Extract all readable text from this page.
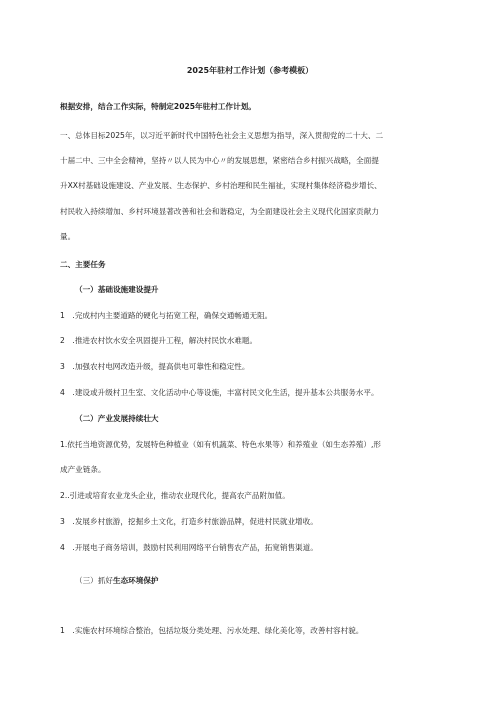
2025年驻村工作计划（参考模板）
根据安排，结合工作实际，特制定2025年驻村工作计划。
一、总体目标2025年，以习近平新时代中国特色社会主义思想为指导，深入贯彻党的二十大、二
十届二中、三中全会精神，坚持〃以人民为中心〃的发展思想，紧密结合乡村振兴战略，全面提
升XX村基础设施建设、产业发展、生态保护、乡村治理和民生福祉，实现村集体经济稳步增长、
村民收入持续增加、乡村环境显著改善和社会和谐稳定，为全面建设社会主义现代化国家贡献力
量。
二、主要任务
（一）基础设施建设提升
1　.完成村内主要道路的硬化与拓宽工程，确保交通畅通无阻。
2　.推进农村饮水安全巩固提升工程，解决村民饮水难题。
3　.加强农村电网改造升级，提高供电可靠性和稳定性。
4　.建设或升级村卫生室、文化活动中心等设施，丰富村民文化生活，提升基本公共服务水平。
（二）产业发展持续壮大
1.依托当地资源优势，发展特色种植业（如有机蔬菜、特色水果等）和养殖业（如生态养殖）,形
成产业链条。
2..引进或培育农业龙头企业，推动农业现代化，提高农产品附加值。
3　.发展乡村旅游，挖掘乡土文化，打造乡村旅游品牌，促进村民就业增收。
4　.开展电子商务培训，鼓励村民利用网络平台销售农产品，拓宽销售渠道。
（三）抓好生态环境保护
1　.实施农村环境综合整治，包括垃圾分类处理、污水处理、绿化美化等，改善村容村貌。
